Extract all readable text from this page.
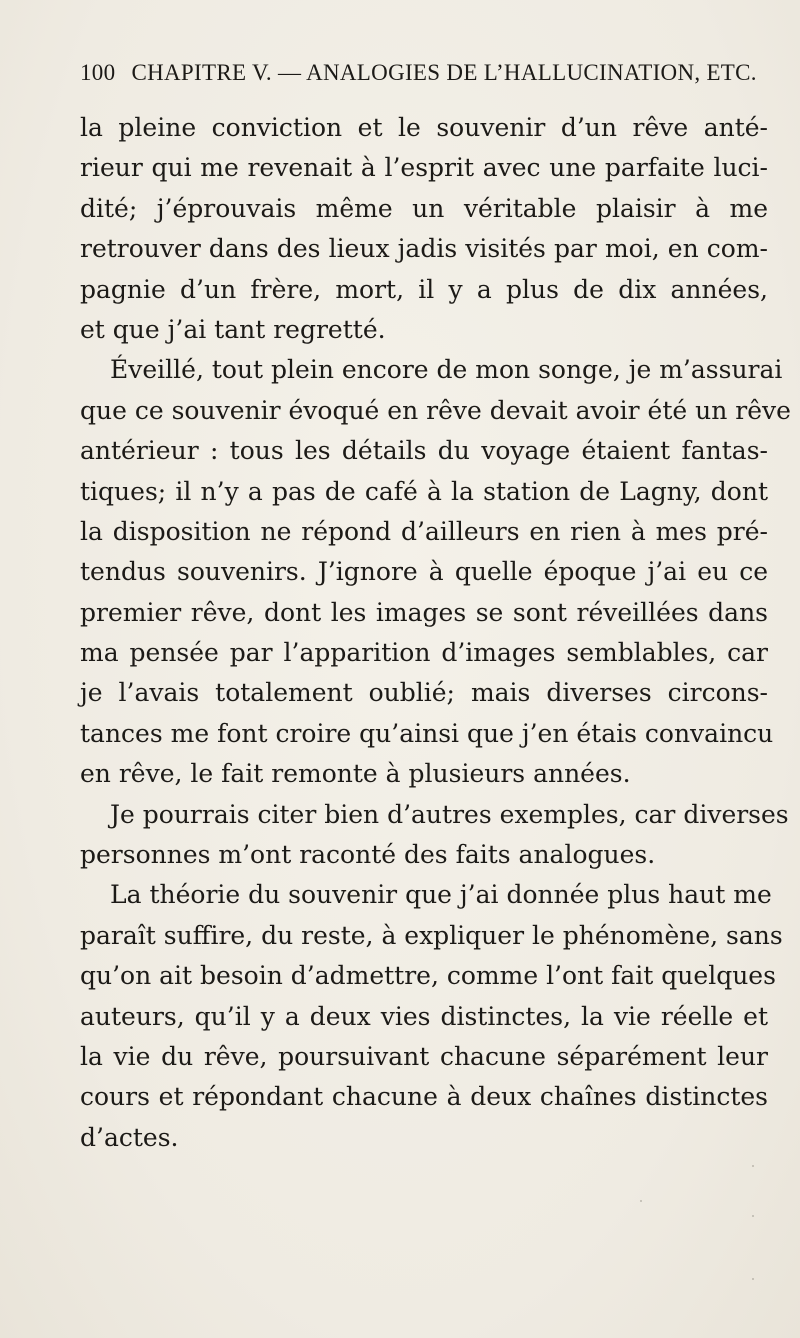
100 CHAPITRE V. — ANALOGIES DE L’HALLUCINATION, ETC.
la pleine conviction et le souvenir d’un rêve anté-
rieur qui me revenait à l’esprit avec une parfaite luci-
dité; j’éprouvais même un véritable plaisir à me
retrouver dans des lieux jadis visités par moi, en com-
pagnie d’un frère, mort, il y a plus de dix années,
et que j’ai tant regretté.
Éveillé, tout plein encore de mon songe, je m’assurai
que ce souvenir évoqué en rêve devait avoir été un rêve
antérieur : tous les détails du voyage étaient fantas-
tiques; il n’y a pas de café à la station de Lagny, dont
la disposition ne répond d’ailleurs en rien à mes pré-
tendus souvenirs. J’ignore à quelle époque j’ai eu ce
premier rêve, dont les images se sont réveillées dans
ma pensée par l’apparition d’images semblables, car
je l’avais totalement oublié; mais diverses circons-
tances me font croire qu’ainsi que j’en étais convaincu
en rêve, le fait remonte à plusieurs années.
Je pourrais citer bien d’autres exemples, car diverses
personnes m’ont raconté des faits analogues.
La théorie du souvenir que j’ai donnée plus haut me
paraît suffire, du reste, à expliquer le phénomène, sans
qu’on ait besoin d’admettre, comme l’ont fait quelques
auteurs, qu’il y a deux vies distinctes, la vie réelle et
la vie du rêve, poursuivant chacune séparément leur
cours et répondant chacune à deux chaînes distinctes
d’actes.
